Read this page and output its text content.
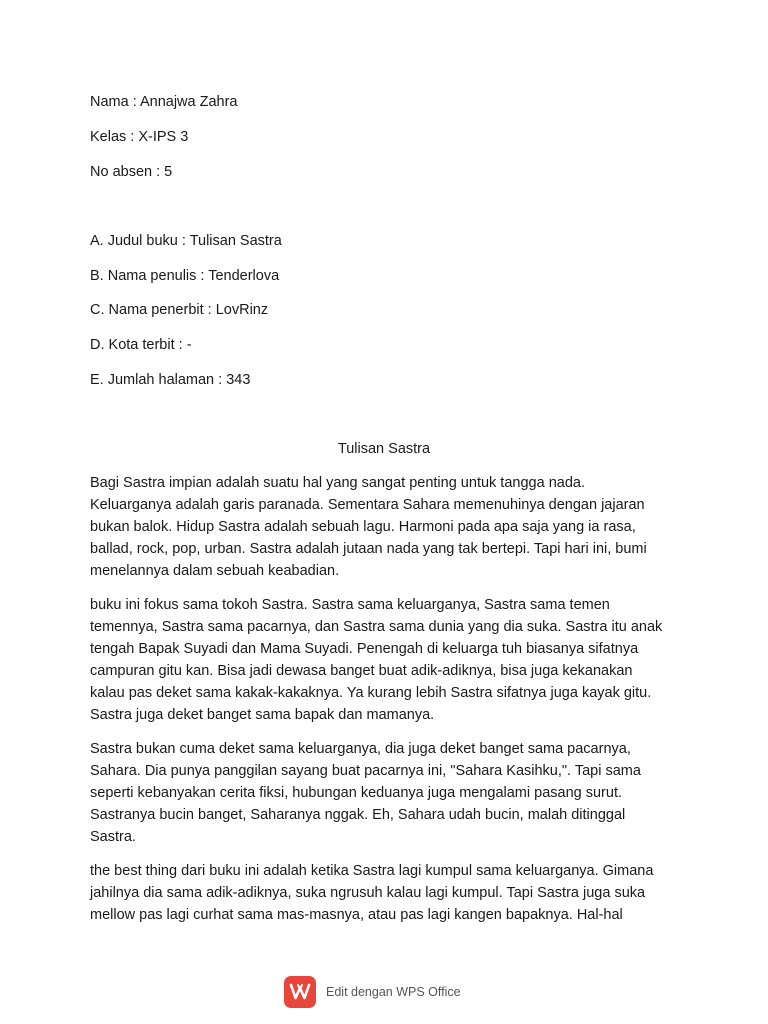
Nama : Annajwa Zahra
Kelas : X-IPS 3
No absen : 5
A. Judul buku : Tulisan Sastra
B. Nama penulis : Tenderlova
C. Nama penerbit : LovRinz
D. Kota terbit : -
E. Jumlah halaman : 343
Tulisan Sastra
Bagi Sastra impian adalah suatu hal yang sangat penting untuk tangga nada.
Keluarganya adalah garis paranada. Sementara Sahara memenuhinya dengan jajaran
bukan balok. Hidup Sastra adalah sebuah lagu. Harmoni pada apa saja yang ia rasa,
ballad, rock, pop, urban. Sastra adalah jutaan nada yang tak bertepi. Tapi hari ini, bumi
menelannya dalam sebuah keabadian.
buku ini fokus sama tokoh Sastra. Sastra sama keluarganya, Sastra sama temen
temennya, Sastra sama pacarnya, dan Sastra sama dunia yang dia suka. Sastra itu anak
tengah Bapak Suyadi dan Mama Suyadi. Penengah di keluarga tuh biasanya sifatnya
campuran gitu kan. Bisa jadi dewasa banget buat adik-adiknya, bisa juga kekanakan
kalau pas deket sama kakak-kakaknya. Ya kurang lebih Sastra sifatnya juga kayak gitu.
Sastra juga deket banget sama bapak dan mamanya.
Sastra bukan cuma deket sama keluarganya, dia juga deket banget sama pacarnya,
Sahara. Dia punya panggilan sayang buat pacarnya ini, "Sahara Kasihku,". Tapi sama
seperti kebanyakan cerita fiksi, hubungan keduanya juga mengalami pasang surut.
Sastranya bucin banget, Saharanya nggak. Eh, Sahara udah bucin, malah ditinggal
Sastra.
the best thing dari buku ini adalah ketika Sastra lagi kumpul sama keluarganya. Gimana
jahilnya dia sama adik-adiknya, suka ngrusuh kalau lagi kumpul. Tapi Sastra juga suka
mellow pas lagi curhat sama mas-masnya, atau pas lagi kangen bapaknya. Hal-hal
Edit dengan WPS Office
